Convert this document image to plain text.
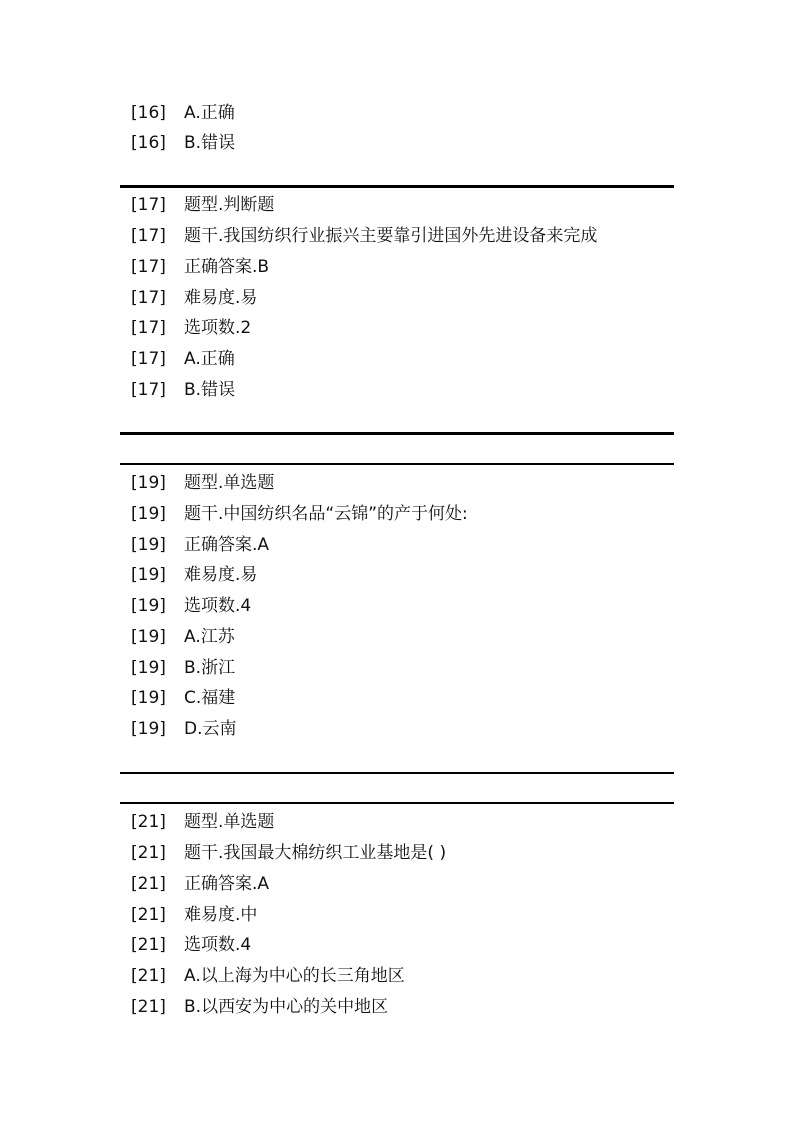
[16] A.正确
[16] B.错误
[17] 题型.判断题
[17] 题干.我国纺织行业振兴主要靠引进国外先进设备来完成
[17] 正确答案.B
[17] 难易度.易
[17] 选项数.2
[17] A.正确
[17] B.错误
[19] 题型.单选题
[19] 题干.中国纺织名品“云锦”的产于何处:
[19] 正确答案.A
[19] 难易度.易
[19] 选项数.4
[19] A.江苏
[19] B.浙江
[19] C.福建
[19] D.云南
[21] 题型.单选题
[21] 题干.我国最大棉纺织工业基地是( )
[21] 正确答案.A
[21] 难易度.中
[21] 选项数.4
[21] A.以上海为中心的长三角地区
[21] B.以西安为中心的关中地区
